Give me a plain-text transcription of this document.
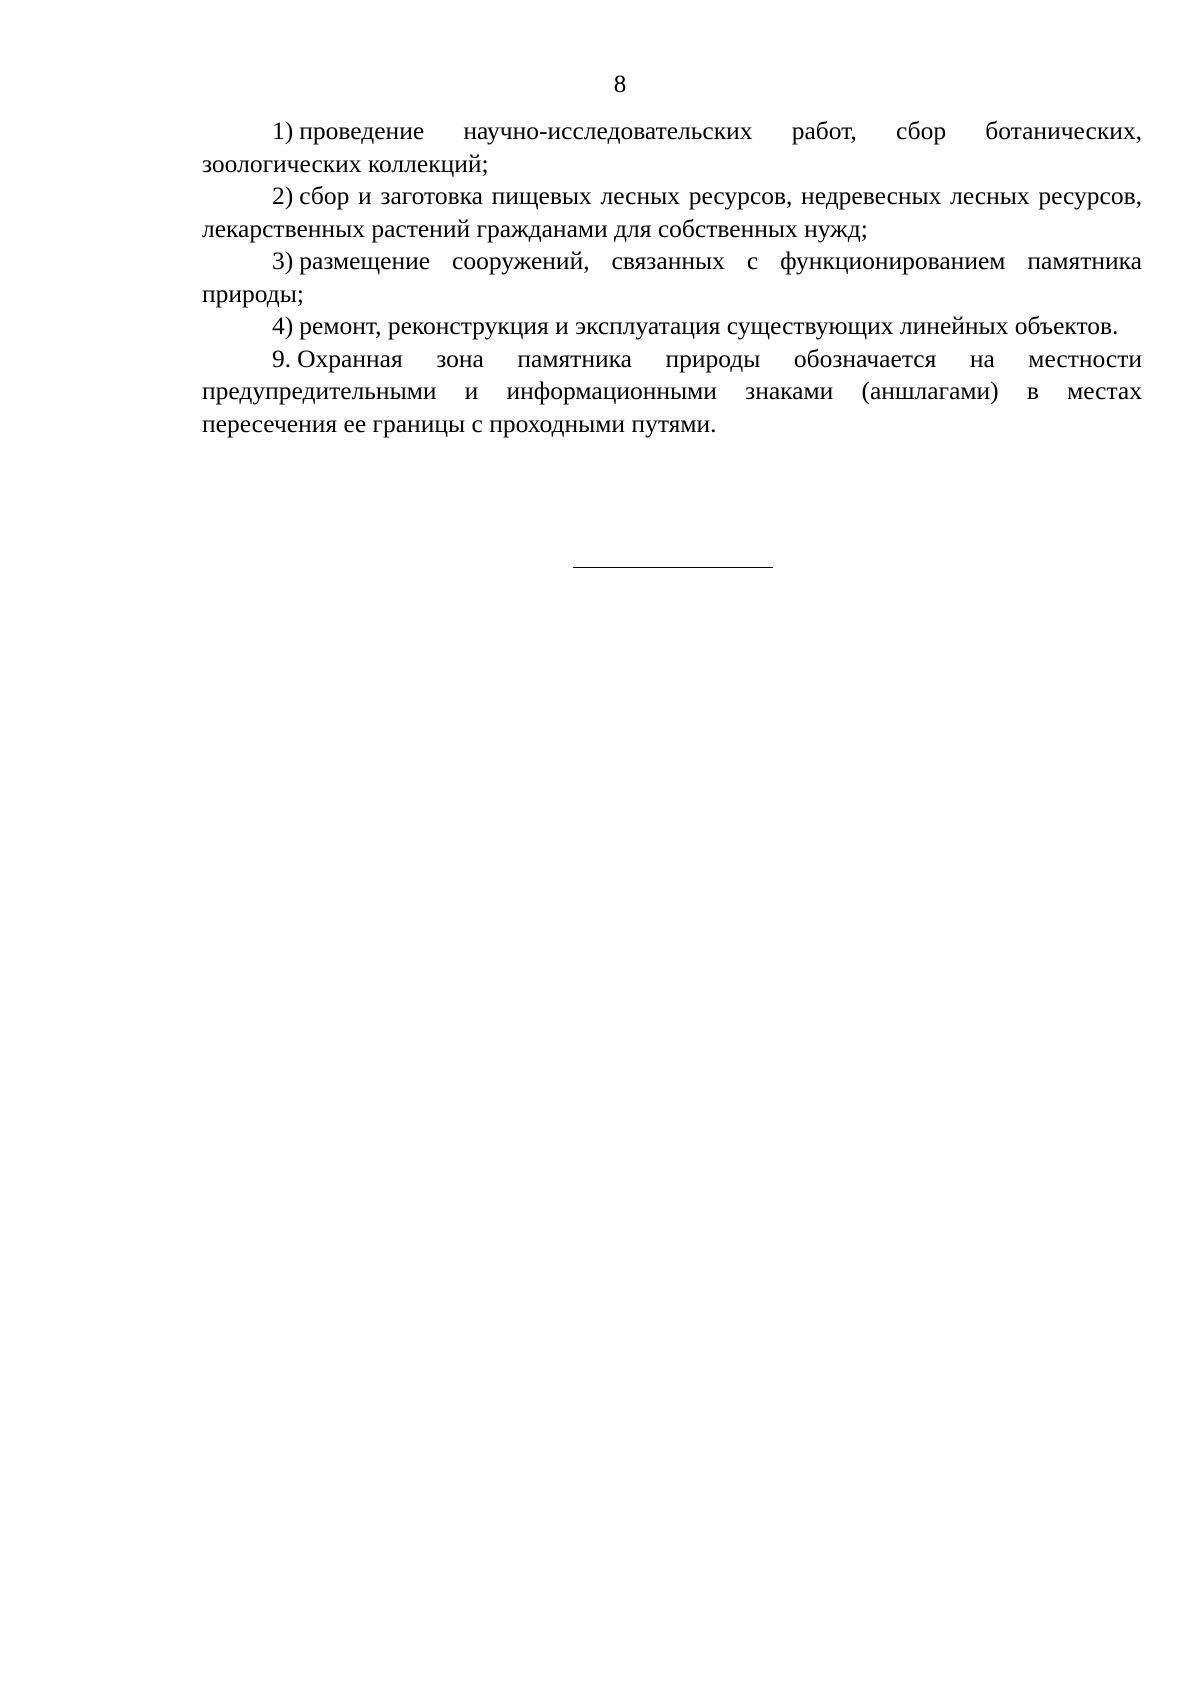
8

1) проведение научно-исследовательских работ, сбор ботанических, зоологических коллекций;

2) сбор и заготовка пищевых лесных ресурсов, недревесных лесных ресурсов, лекарственных растений гражданами для собственных нужд;

3) размещение сооружений, связанных с функционированием памятника природы;

4) ремонт, реконструкция и эксплуатация существующих линейных объектов.

9. Охранная зона памятника природы обозначается на местности предупредительными и информационными знаками (аншлагами) в местах пересечения ее границы с проходными путями.
